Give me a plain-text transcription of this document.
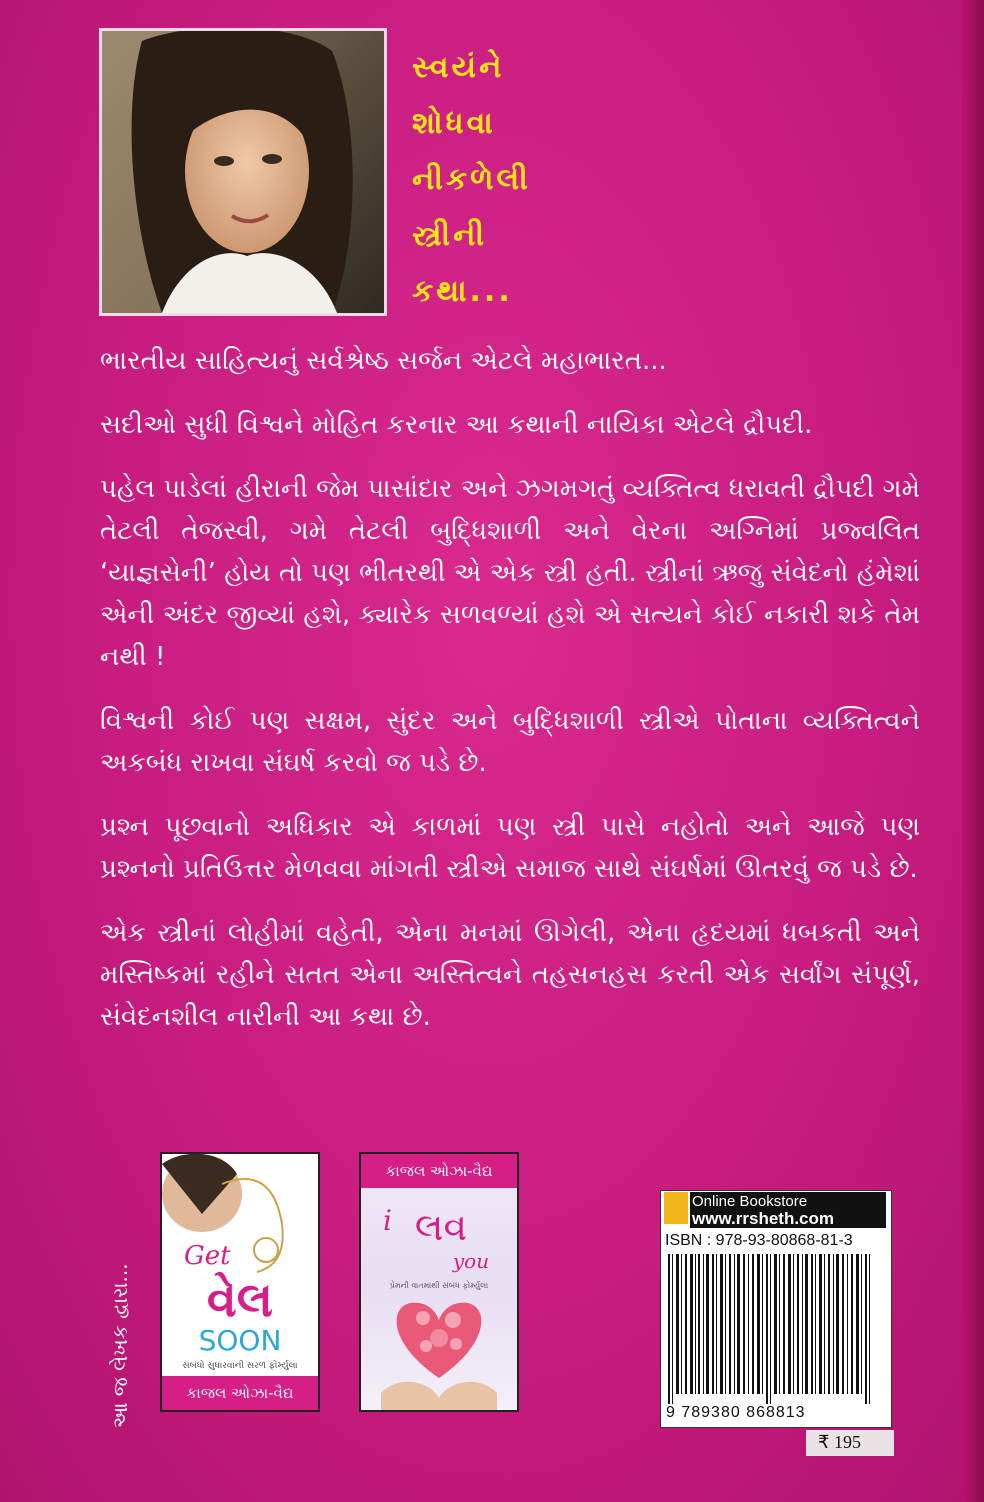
સ્વયંને
શોધવા
નીકળેલી
સ્ત્રીની
કથા...

ભારતીય સાહિત્યનું સર્વશ્રેષ્ઠ સર્જન એટલે મહાભારત...

સદીઓ સુધી વિશ્વને મોહિત કરનાર આ કથાની નાયિકા એટલે દ્રૌપદી.

પહેલ પાડેલાં હીરાની જેમ પાસાંદાર અને ઝગમગતું વ્યક્તિત્વ ધરાવતી દ્રૌપદી ગમે તેટલી તેજસ્વી, ગમે તેટલી બુદ્ધિશાળી અને વેરના અગ્નિમાં પ્રજ્વલિત ‘યાજ્ઞસેની’ હોય તો પણ ભીતરથી એ એક સ્ત્રી હતી. સ્ત્રીનાં ઋજુ સંવેદનો હંમેશાં એની અંદર જીવ્યાં હશે, ક્યારેક સળવળ્યાં હશે એ સત્યને કોઈ નકારી શકે તેમ નથી !

વિશ્વની કોઈ પણ સક્ષમ, સુંદર અને બુદ્ધિશાળી સ્ત્રીએ પોતાના વ્યક્તિત્વને અકબંધ રાખવા સંઘર્ષ કરવો જ પડે છે.

પ્રશ્ન પૂછવાનો અધિકાર એ કાળમાં પણ સ્ત્રી પાસે નહોતો અને આજે પણ પ્રશ્નનો પ્રતિઉત્તર મેળવવા માંગતી સ્ત્રીએ સમાજ સાથે સંઘર્ષમાં ઊતરવું જ પડે છે.

એક સ્ત્રીનાં લોહીમાં વહેતી, એના મનમાં ઊગેલી, એના હૃદયમાં ધબકતી અને મસ્તિષ્કમાં રહીને સતત એના અસ્તિત્વને તહસનહસ કરતી એક સર્વાંગ સંપૂર્ણ, સંવેદનશીલ નારીની આ કથા છે.

આ જ લેખક દ્વારા...
Get
વેલ
SOON
સંબંધો સુધારવાની સરળ ફોર્મ્યુલા
કાજલ ઓઝા-વૈદ્ય
કાજલ ઓઝા-વૈદ્ય
i લવ
you
પ્રેમની વાતમાંથી સંબંધ ફોર્મ્યુલા
Online Bookstore
www.rrsheth.com
ISBN : 978-93-80868-81-3
9 789380 868813
₹ 195
